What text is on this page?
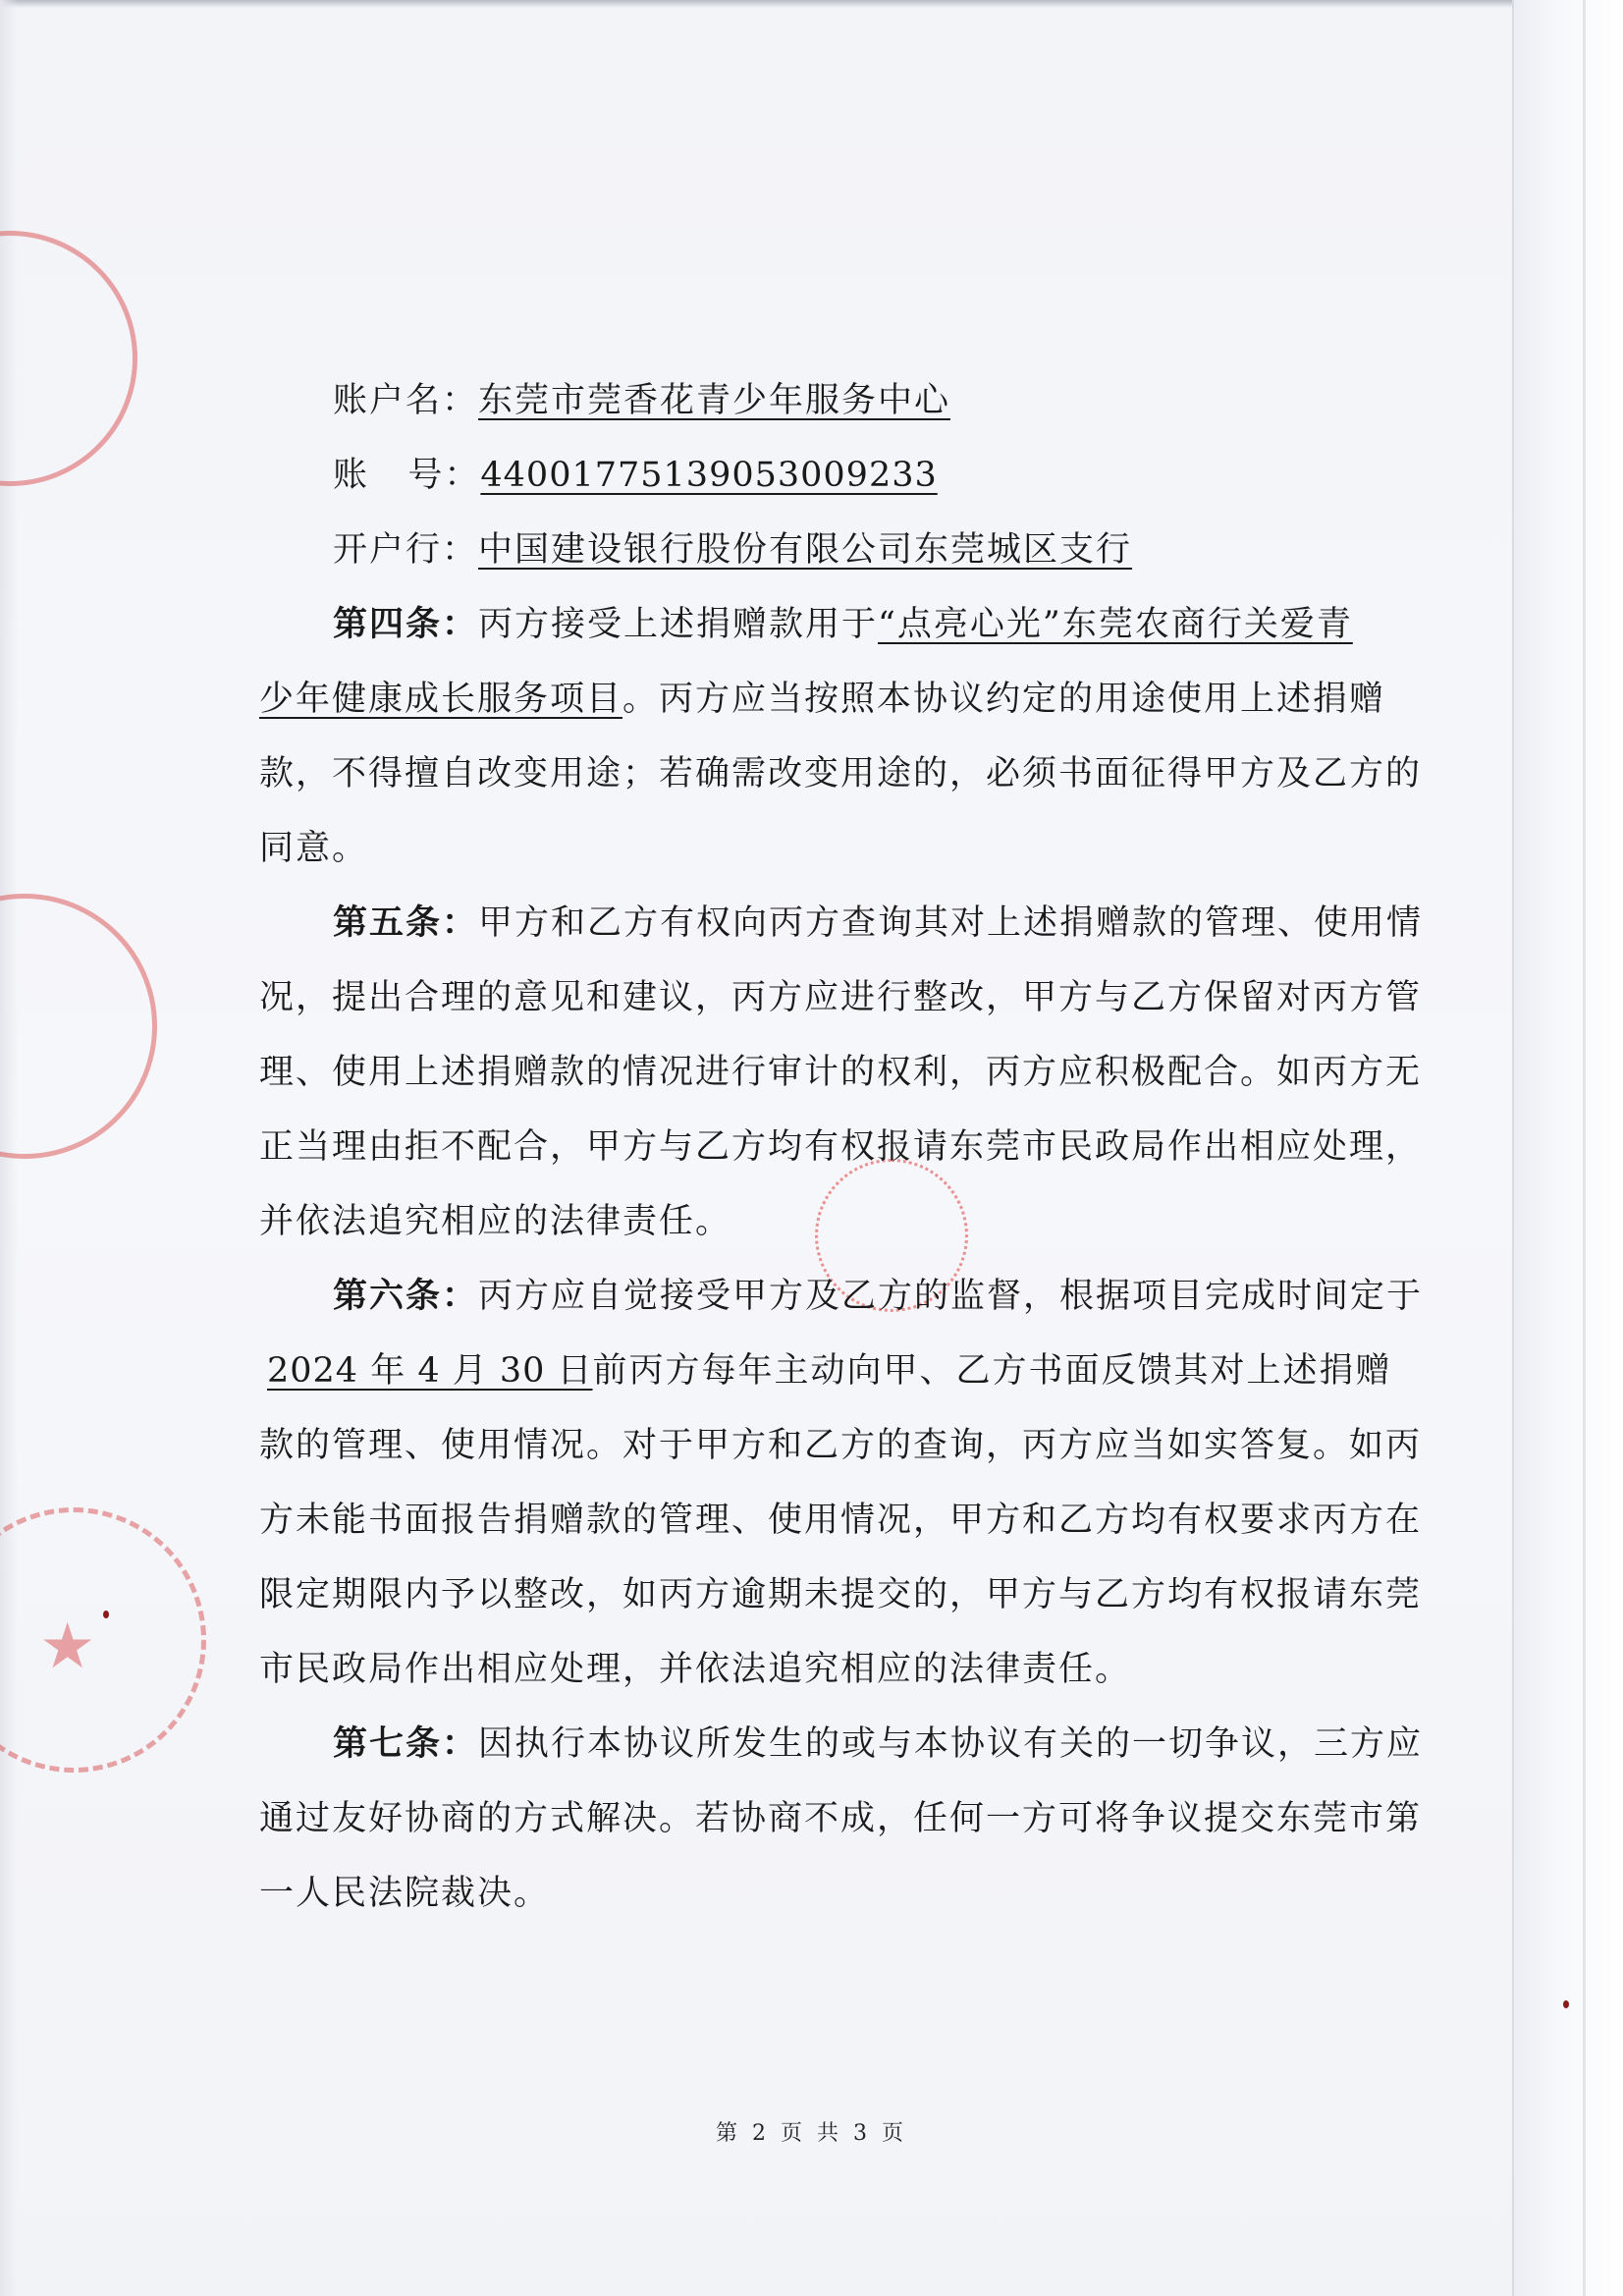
★
账户名：东莞市莞香花青少年服务中心
账   号：44001775139053009233
开户行：中国建设银行股份有限公司东莞城区支行
第四条：丙方接受上述捐赠款用于“点亮心光”东莞农商行关爱青
少年健康成长服务项目。丙方应当按照本协议约定的用途使用上述捐赠
款，不得擅自改变用途；若确需改变用途的，必须书面征得甲方及乙方的
同意。
第五条：甲方和乙方有权向丙方查询其对上述捐赠款的管理、使用情
况，提出合理的意见和建议，丙方应进行整改，甲方与乙方保留对丙方管
理、使用上述捐赠款的情况进行审计的权利，丙方应积极配合。如丙方无
正当理由拒不配合，甲方与乙方均有权报请东莞市民政局作出相应处理，
并依法追究相应的法律责任。
第六条：丙方应自觉接受甲方及乙方的监督，根据项目完成时间定于
2024 年 4 月 30 日前丙方每年主动向甲、乙方书面反馈其对上述捐赠
款的管理、使用情况。对于甲方和乙方的查询，丙方应当如实答复。如丙
方未能书面报告捐赠款的管理、使用情况，甲方和乙方均有权要求丙方在
限定期限内予以整改，如丙方逾期未提交的，甲方与乙方均有权报请东莞
市民政局作出相应处理，并依法追究相应的法律责任。
第七条：因执行本协议所发生的或与本协议有关的一切争议，三方应
通过友好协商的方式解决。若协商不成，任何一方可将争议提交东莞市第
一人民法院裁决。
第 2 页 共 3 页
